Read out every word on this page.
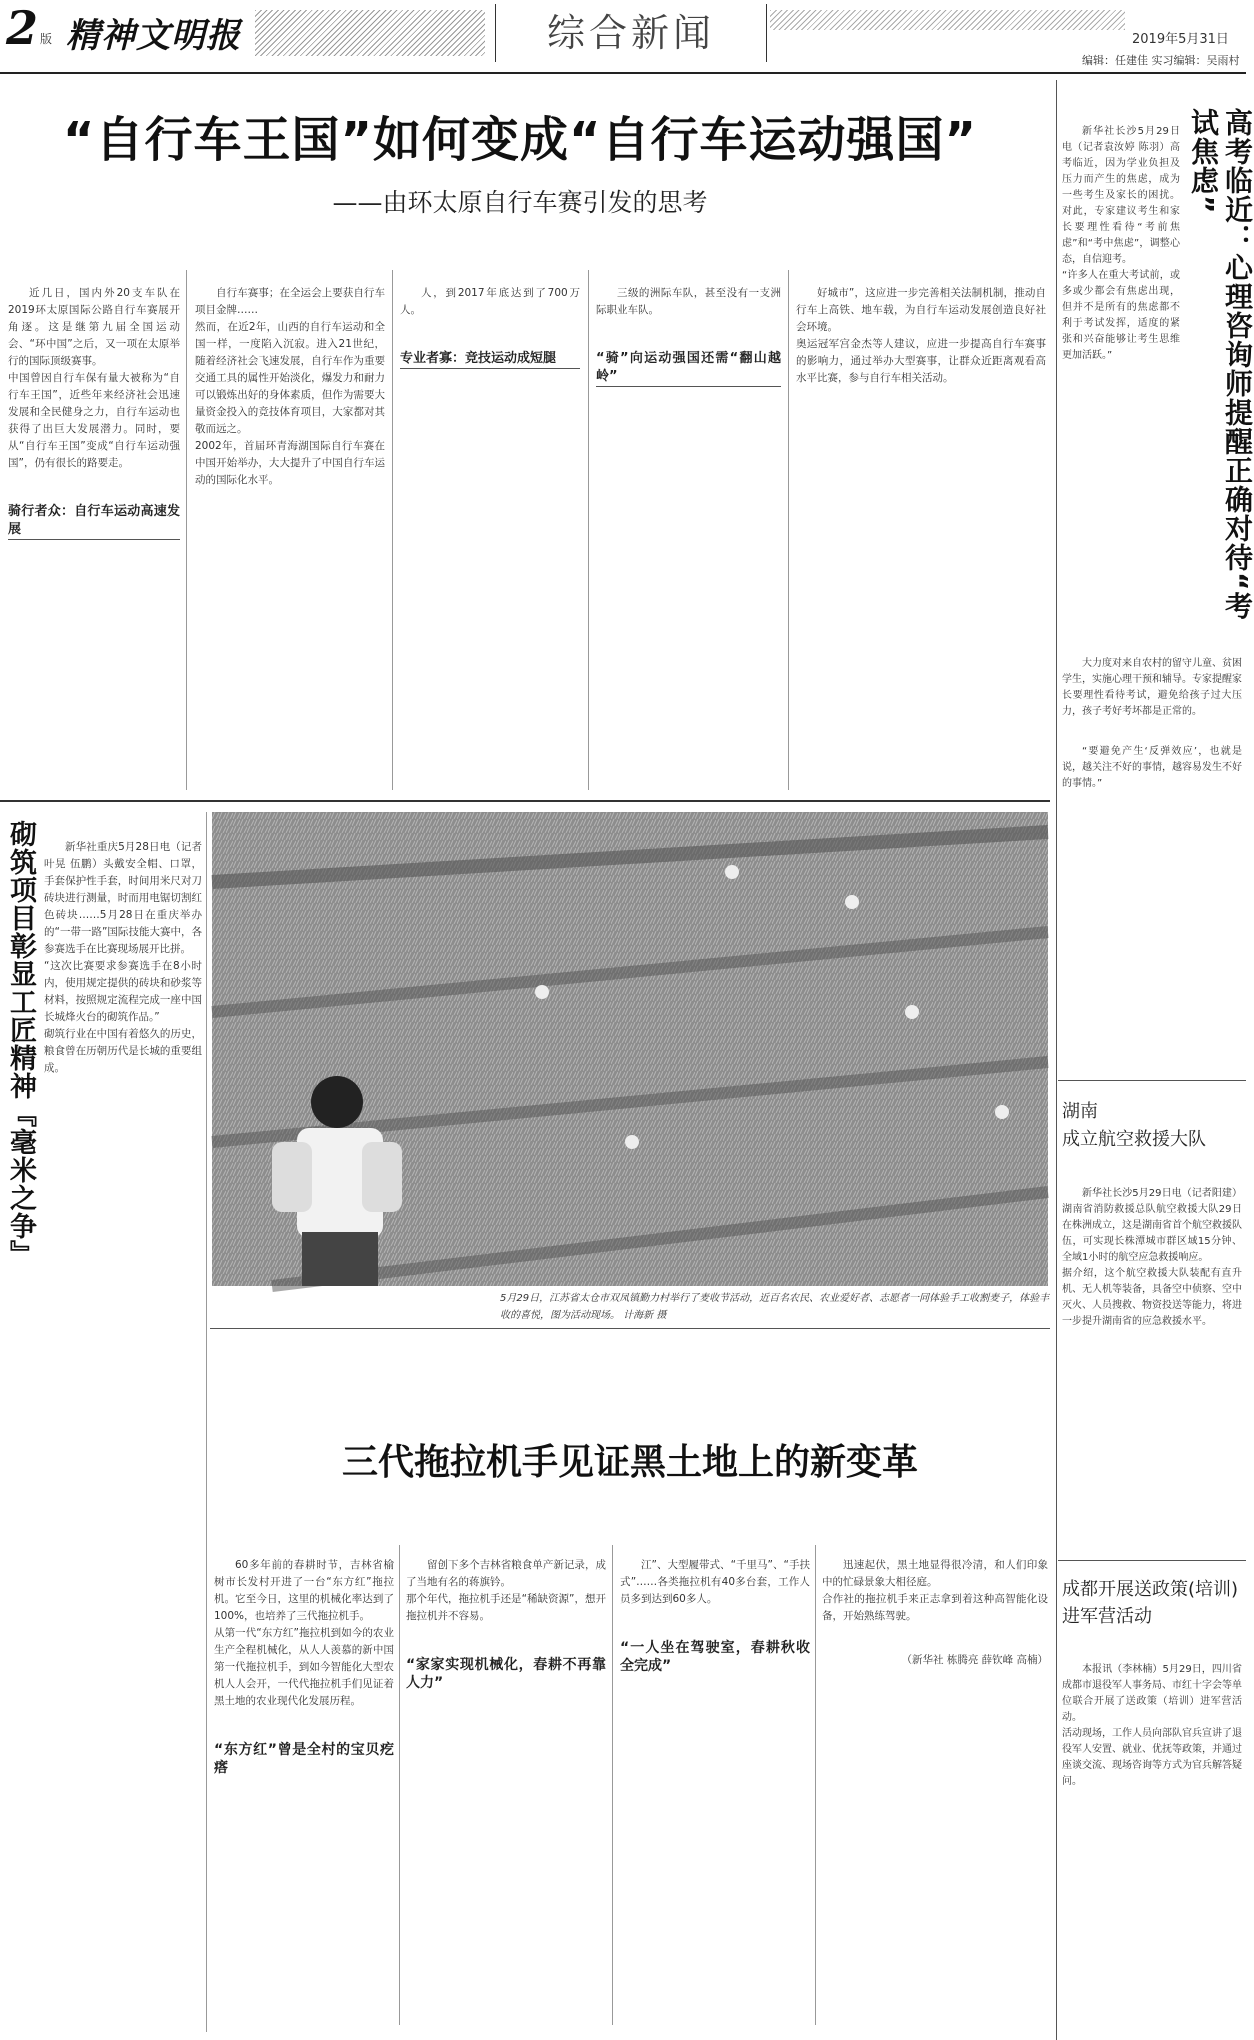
2 版 精神文明报	综合新闻	2019年5月31日
编辑：任建佳 实习编辑：吴雨村
“自行车王国”如何变成“自行车运动强国”
——由环太原自行车赛引发的思考

近几日，国内外20支车队在2019环太原国际公路自行车赛展开角逐。这是继第九届全国运动会、“环中国”之后，又一项在太原举行的国际顶级赛事。
中国曾因自行车保有量大被称为“自行车王国”，近些年来经济社会迅速发展和全民健身之力，自行车运动也获得了出巨大发展潜力。同时，要从“自行车王国”变成“自行车运动强国”，仍有很长的路要走。

骑行者众：自行车运动高速发展

自行车赛事；在全运会上要获自行车项目金牌……
然而，在近2年，山西的自行车运动和全国一样，一度陷入沉寂。进入21世纪，随着经济社会飞速发展，自行车作为重要交通工具的属性开始淡化，爆发力和耐力可以锻炼出好的身体素质，但作为需要大量资金投入的竞技体育项目，大家都对其敬而远之。
2002年，首届环青海湖国际自行车赛在中国开始举办，大大提升了中国自行车运动的国际化水平。

人，到2017年底达到了700万人。

专业者寡：竞技运动成短腿

三级的洲际车队，甚至没有一支洲际职业车队。

“骑”向运动强国还需“翻山越岭”

好城市”，这应进一步完善相关法制机制，推动自行车上高铁、地车载，为自行车运动发展创造良好社会环境。
奥运冠军宫金杰等人建议，应进一步提高自行车赛事的影响力，通过举办大型赛事，让群众近距离观看高水平比赛，参与自行车相关活动。

新华社长沙5月29日电（记者袁汝婷 陈羽）高考临近，因为学业负担及压力而产生的焦虑，成为一些考生及家长的困扰。对此，专家建议考生和家长要理性看待“考前焦虑”和“考中焦虑”，调整心态，自信迎考。
“许多人在重大考试前，或多或少都会有焦虑出现，但并不是所有的焦虑都不利于考试发挥，适度的紧张和兴奋能够让考生思维更加活跃。”	高考临近：心理咨询师提醒正确对待“考试焦虑”

大力度对来自农村的留守儿童、贫困学生，实施心理干预和辅导。专家提醒家长要理性看待考试，避免给孩子过大压力，孩子考好考坏都是正常的。

“要避免产生‘反弹效应’，也就是说，越关注不好的事情，越容易发生不好的事情。”

湖南
成立航空救援大队

新华社长沙5月29日电（记者阳建）湖南省消防救援总队航空救援大队29日在株洲成立，这是湖南省首个航空救援队伍，可实现长株潭城市群区域15分钟、全域1小时的航空应急救援响应。
据介绍，这个航空救援大队装配有直升机、无人机等装备，具备空中侦察、空中灭火、人员搜救、物资投送等能力，将进一步提升湖南省的应急救援水平。

成都开展送政策(培训)进军营活动

本报讯（李林楠）5月29日，四川省成都市退役军人事务局、市红十字会等单位联合开展了送政策（培训）进军营活动。
活动现场，工作人员向部队官兵宣讲了退役军人安置、就业、优抚等政策，并通过座谈交流、现场咨询等方式为官兵解答疑问。

砌筑项目彰显工匠精神『毫米之争』	新华社重庆5月28日电（记者叶晃 伍鹏）头戴安全帽、口罩，手套保护性手套，时间用米尺对刀砖块进行测量，时而用电锯切割红色砖块……5月28日在重庆举办的“一带一路”国际技能大赛中，各参赛选手在比赛现场展开比拼。
“这次比赛要求参赛选手在8小时内，使用规定提供的砖块和砂浆等材料，按照规定流程完成一座中国长城烽火台的砌筑作品。”
砌筑行业在中国有着悠久的历史，粮食曾在历朝历代是长城的重要组成。

5月29日，江苏省太仓市双凤镇勤力村举行了麦收节活动，近百名农民、农业爱好者、志愿者一同体验手工收割麦子，体验丰收的喜悦，图为活动现场。 计海新 摄
三代拖拉机手见证黑土地上的新变革

60多年前的春耕时节，吉林省榆树市长发村开进了一台“东方红”拖拉机。它至今日，这里的机械化率达到了100%，也培养了三代拖拉机手。
从第一代“东方红”拖拉机到如今的农业生产全程机械化，从人人羡慕的新中国第一代拖拉机手，到如今智能化大型农机人人会开，一代代拖拉机手们见证着黑土地的农业现代化发展历程。

“东方红”曾是全村的宝贝疙瘩

留创下多个吉林省粮食单产新记录，成了当地有名的蒋旗钤。
那个年代，拖拉机手还是“稀缺资源”，想开拖拉机并不容易。

“家家实现机械化，春耕不再靠人力”

江”、大型履带式、“千里马”、“手扶式”……各类拖拉机有40多台套，工作人员多到达到60多人。

“一人坐在驾驶室，春耕秋收全完成”

迅速起伏，黑土地显得很冷清，和人们印象中的忙碌景象大相径庭。
合作社的拖拉机手来正志拿到着这种高智能化设备，开始熟练驾驶。

（新华社 栋腾亮 薛钦峰 高楠）
